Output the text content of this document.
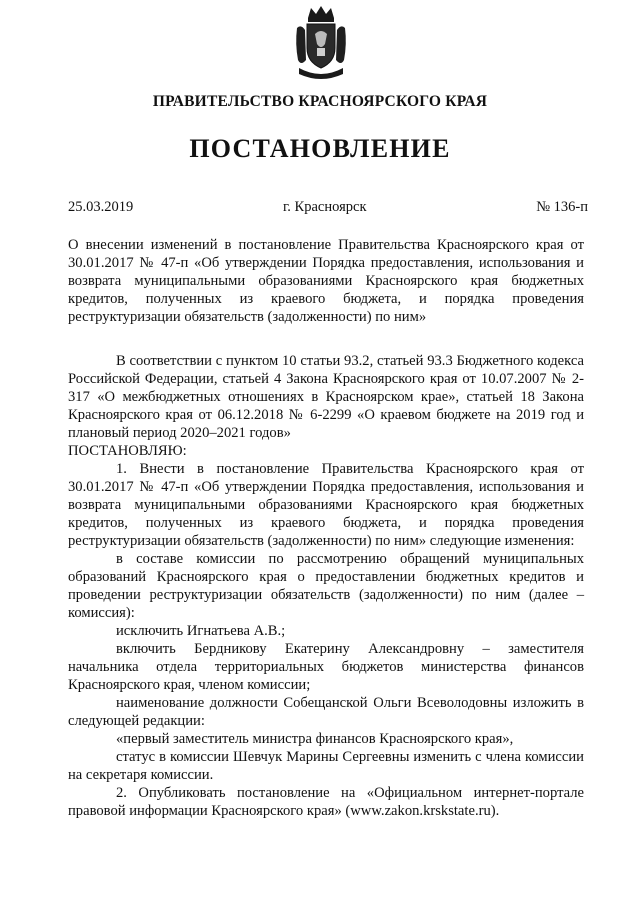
ПРАВИТЕЛЬСТВО КРАСНОЯРСКОГО КРАЯ
ПОСТАНОВЛЕНИЕ
25.03.2019	г. Красноярск	№ 136-п
О внесении изменений в постановление Правительства Красноярского края от 30.01.2017 № 47-п «Об утверждении Порядка предоставления, использования и возврата муниципальными образованиями Красноярского края бюджетных кредитов, полученных из краевого бюджета, и порядка проведения реструктуризации обязательств (задолженности) по ним»

В соответствии с пунктом 10 статьи 93.2, статьей 93.3 Бюджетного кодекса Российской Федерации, статьей 4 Закона Красноярского края от 10.07.2007 № 2-317 «О межбюджетных отношениях в Красноярском крае», статьей 18 Закона Красноярского края от 06.12.2018 № 6-2299 «О краевом бюджете на 2019 год и плановый период 2020–2021 годов»

ПОСТАНОВЛЯЮ:

1. Внести в постановление Правительства Красноярского края от 30.01.2017 № 47-п «Об утверждении Порядка предоставления, использования и возврата муниципальными образованиями Красноярского края бюджетных кредитов, полученных из краевого бюджета, и порядка проведения реструктуризации обязательств (задолженности) по ним» следующие изменения:

в составе комиссии по рассмотрению обращений муниципальных образований Красноярского края о предоставлении бюджетных кредитов и проведении реструктуризации обязательств (задолженности) по ним (далее – комиссия):

исключить Игнатьева А.В.;

включить Бердникову Екатерину Александровну – заместителя начальника отдела территориальных бюджетов министерства финансов Красноярского края, членом комиссии;

наименование должности Собещанской Ольги Всеволодовны изложить в следующей редакции:

«первый заместитель министра финансов Красноярского края»,

статус в комиссии Шевчук Марины Сергеевны изменить с члена комиссии на секретаря комиссии.

2. Опубликовать постановление на «Официальном интернет-портале правовой информации Красноярского края» (www.zakon.krskstate.ru).
